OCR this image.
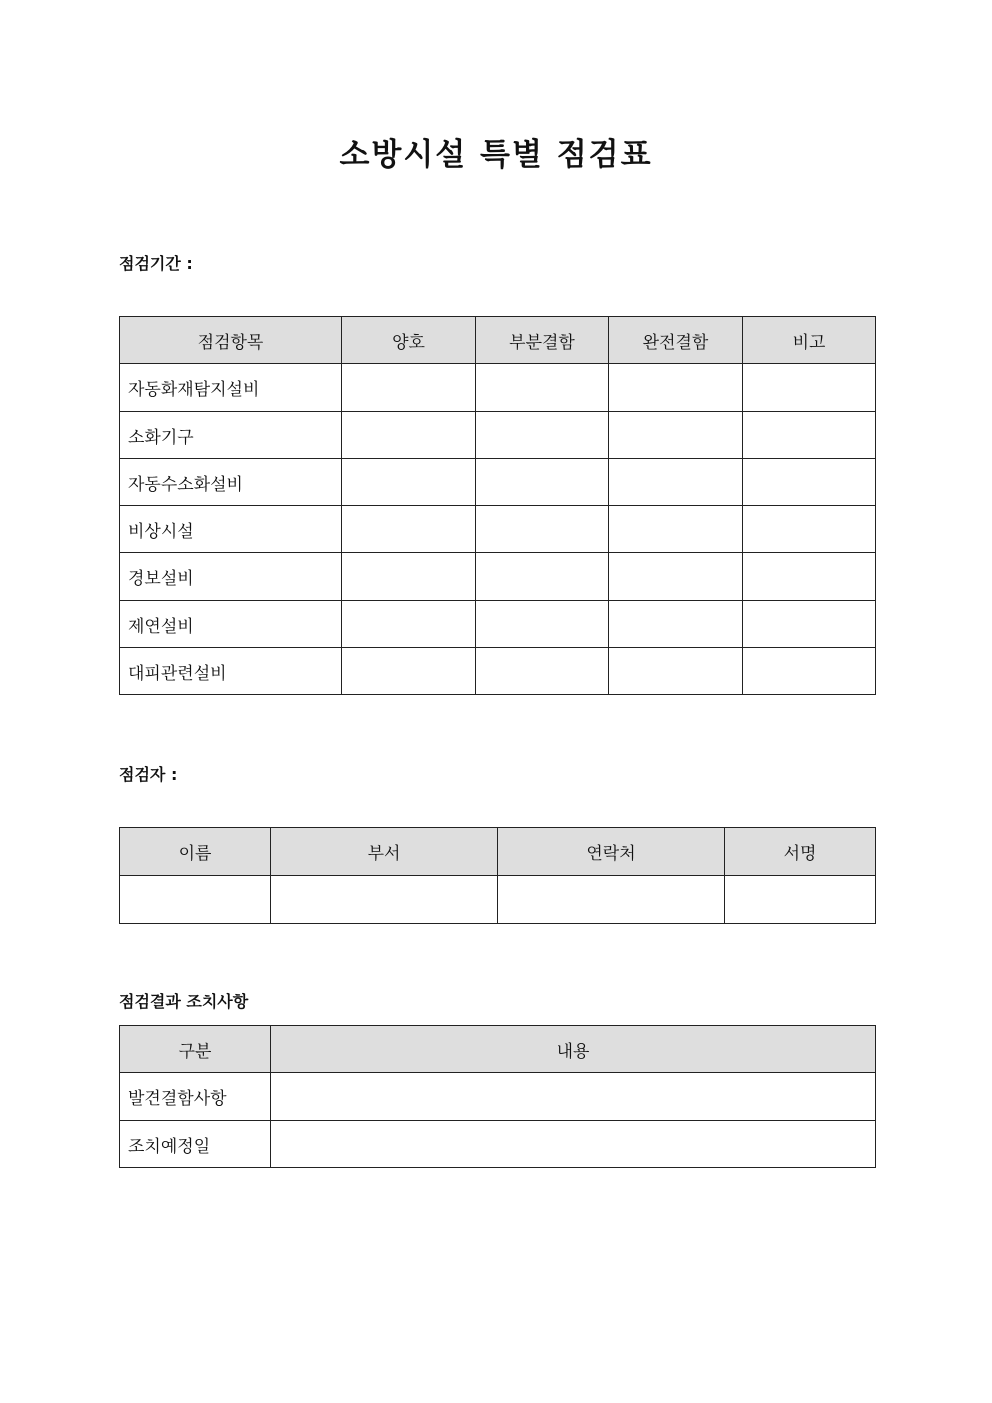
소방시설 특별 점검표
점검기간 :
점검항목	양호	부분결함	완전결함	비고
자동화재탐지설비				
소화기구				
자동수소화설비				
비상시설				
경보설비				
제연설비				
대피관련설비				
점검자 :
이름	부서	연락처	서명

점검결과 조치사항
구분	내용
발견결함사항	
조치예정일	
